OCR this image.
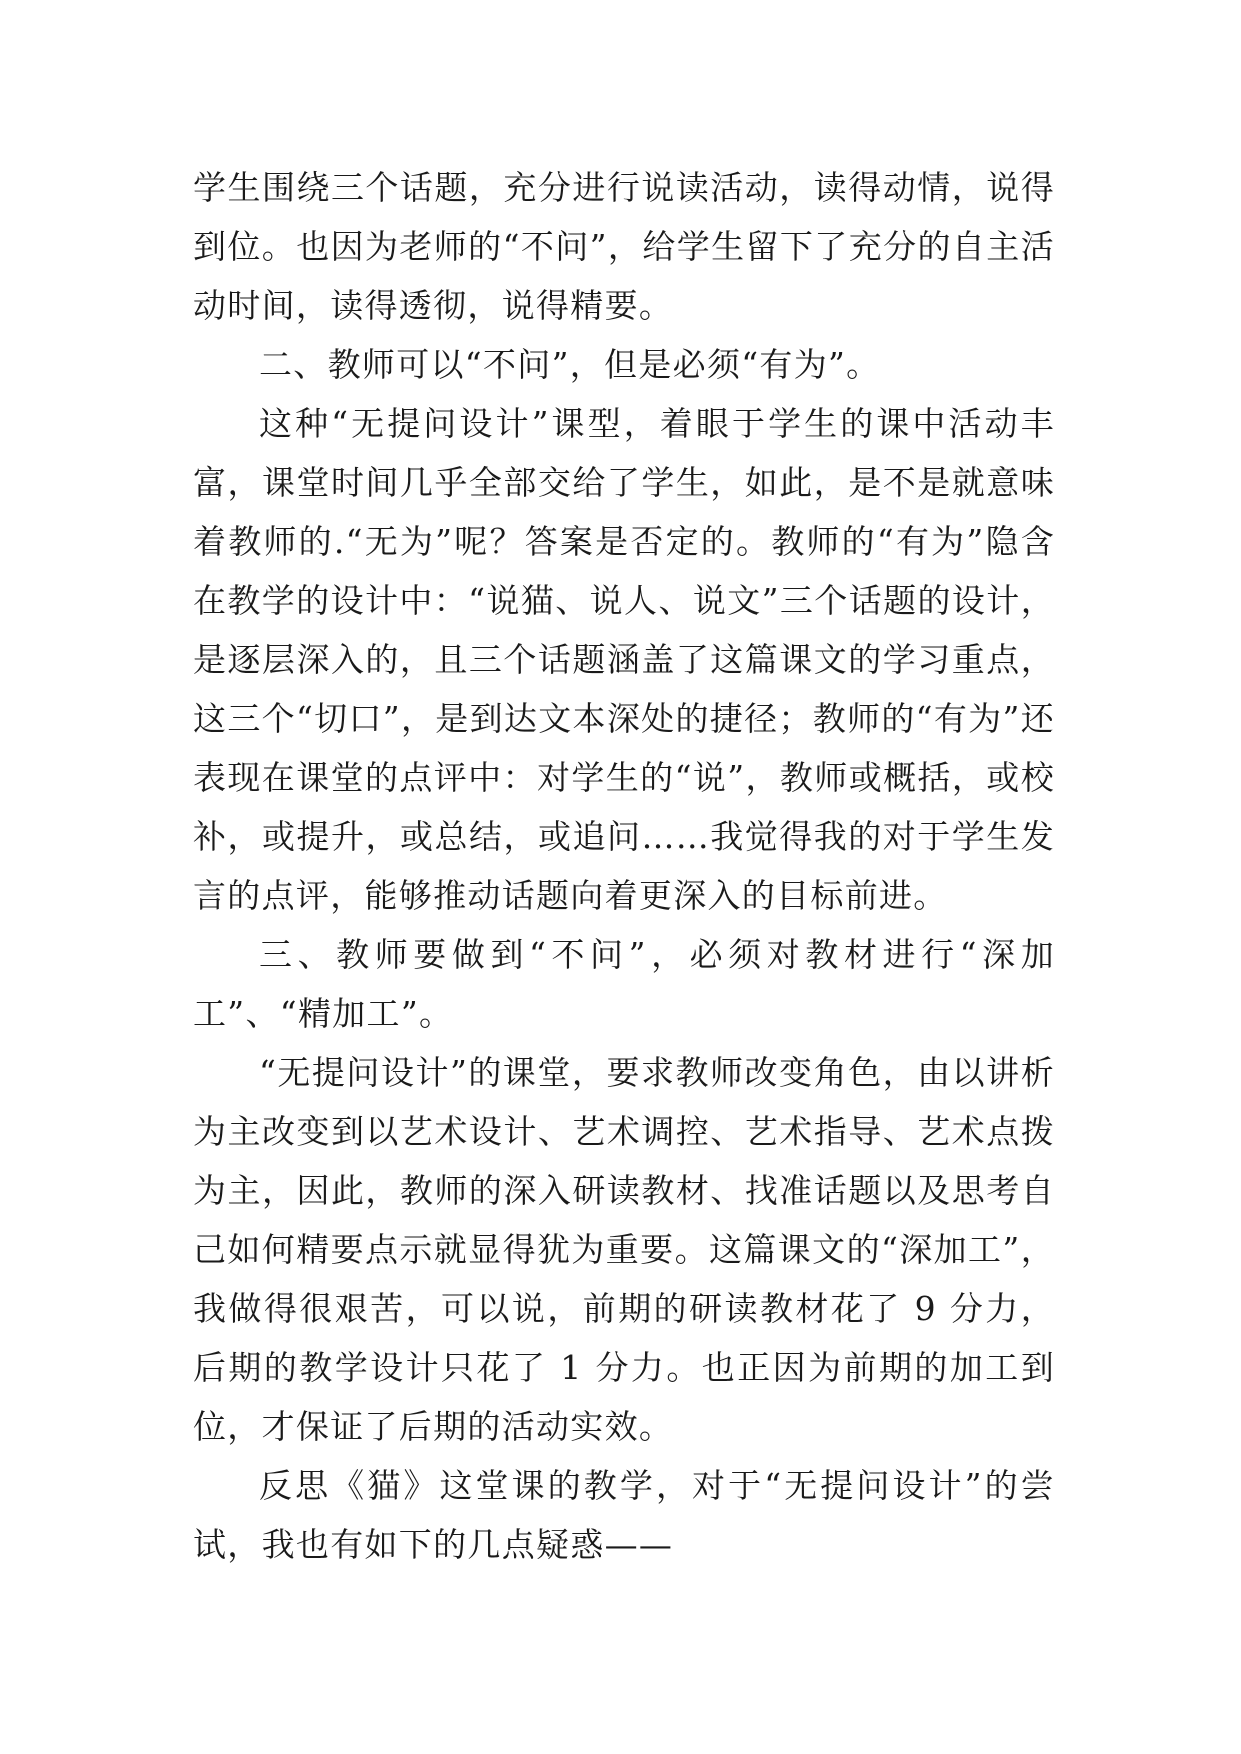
学生围绕三个话题，充分进行说读活动，读得动情，说得到位。也因为老师的“不问”，给学生留下了充分的自主活动时间，读得透彻，说得精要。

二、教师可以“不问”，但是必须“有为”。

这种“无提问设计”课型，着眼于学生的课中活动丰富，课堂时间几乎全部交给了学生，如此，是不是就意味着教师的.“无为”呢？答案是否定的。教师的“有为”隐含在教学的设计中：“说猫、说人、说文”三个话题的设计，是逐层深入的，且三个话题涵盖了这篇课文的学习重点，这三个“切口”，是到达文本深处的捷径；教师的“有为”还表现在课堂的点评中：对学生的“说”，教师或概括，或校补，或提升，或总结，或追问……我觉得我的对于学生发言的点评，能够推动话题向着更深入的目标前进。

三、教师要做到“不问”，必须对教材进行“深加工”、“精加工”。

“无提问设计”的课堂，要求教师改变角色，由以讲析为主改变到以艺术设计、艺术调控、艺术指导、艺术点拨为主，因此，教师的深入研读教材、找准话题以及思考自己如何精要点示就显得犹为重要。这篇课文的“深加工”，我做得很艰苦，可以说，前期的研读教材花了 9 分力，后期的教学设计只花了 1 分力。也正因为前期的加工到位，才保证了后期的活动实效。

反思《猫》这堂课的教学，对于“无提问设计”的尝试，我也有如下的几点疑惑——
